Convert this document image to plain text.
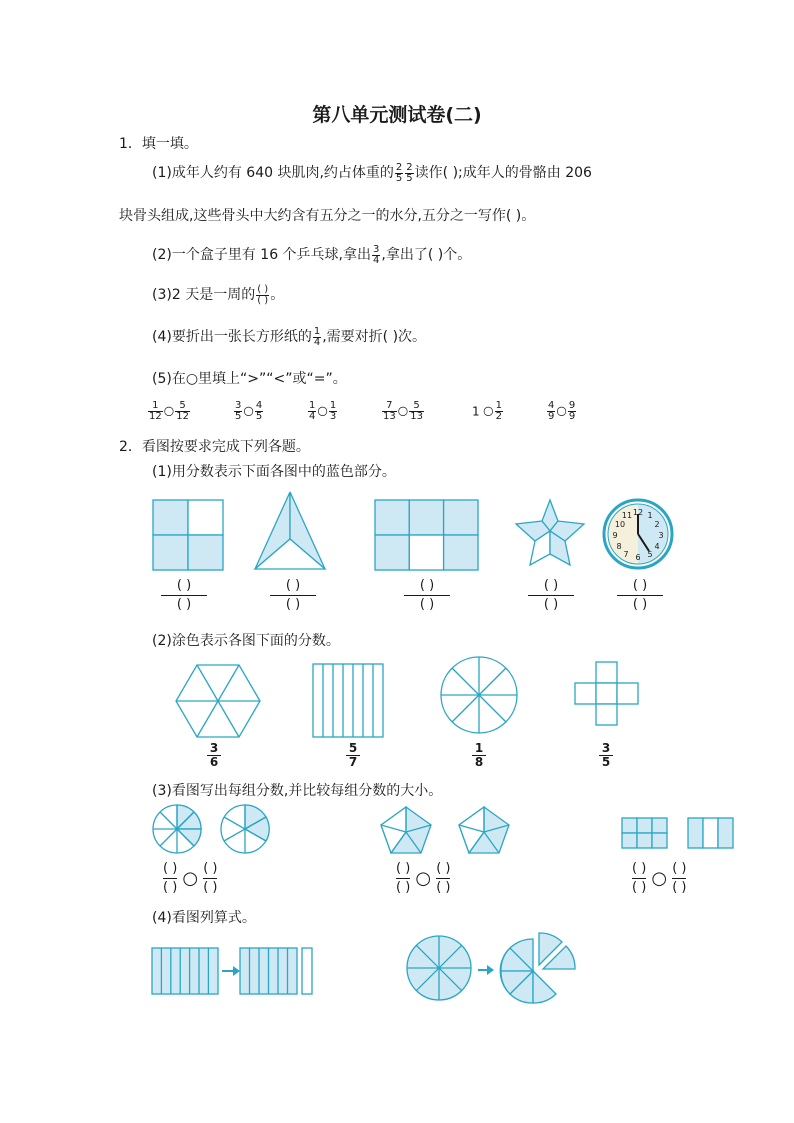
第八单元测试卷(二)
1．填一填。
(1)成年人约有 640 块肌肉,约占体重的 $\frac{2}{5} \frac{2}{5}$ 读作( );成年人的骨骼由 206
块骨头组成,这些骨头中大约含有五分之一的水分,五分之一写作( )。
(2)一个盒子里有 16 个乒乓球,拿出 $\frac{3}{4}$ ,拿出了( )个。
(3)2 天是一周的 ( )
( ) 。
(4)要折出一张长方形纸的 $\frac{1}{4}$ ,需要对折( )次。
(5)在○里填上“>”“<”或“=”。
$\frac{1}{12}$ ○ $\frac{5}{12}$	$\frac{3}{5}$ ○ $\frac{4}{5}$	$\frac{1}{4}$ ○ $\frac{1}{3}$	$\frac{7}{13}$ ○ $\frac{5}{13}$	1 ○ $\frac{1}{2}$	$\frac{4}{9}$ ○ $\frac{9}{9}$
2．看图按要求完成下列各题。
(1)用分数表示下面各图中的蓝色部分。
12 1
2
3
4
5
6
7
8
9
10
11
( )
( )
( )
( )
( )
( )
( )
( )
( )
( )
(2)涂色表示各图下面的分数。
3
6
5
7
1
8
3
5
(3)看图写出每组分数,并比较每组分数的大小。
( )
( ) ○ ( )
( )
( )
( ) ○ ( )
( )
( )
( ) ○ ( )
( )
(4)看图列算式。
